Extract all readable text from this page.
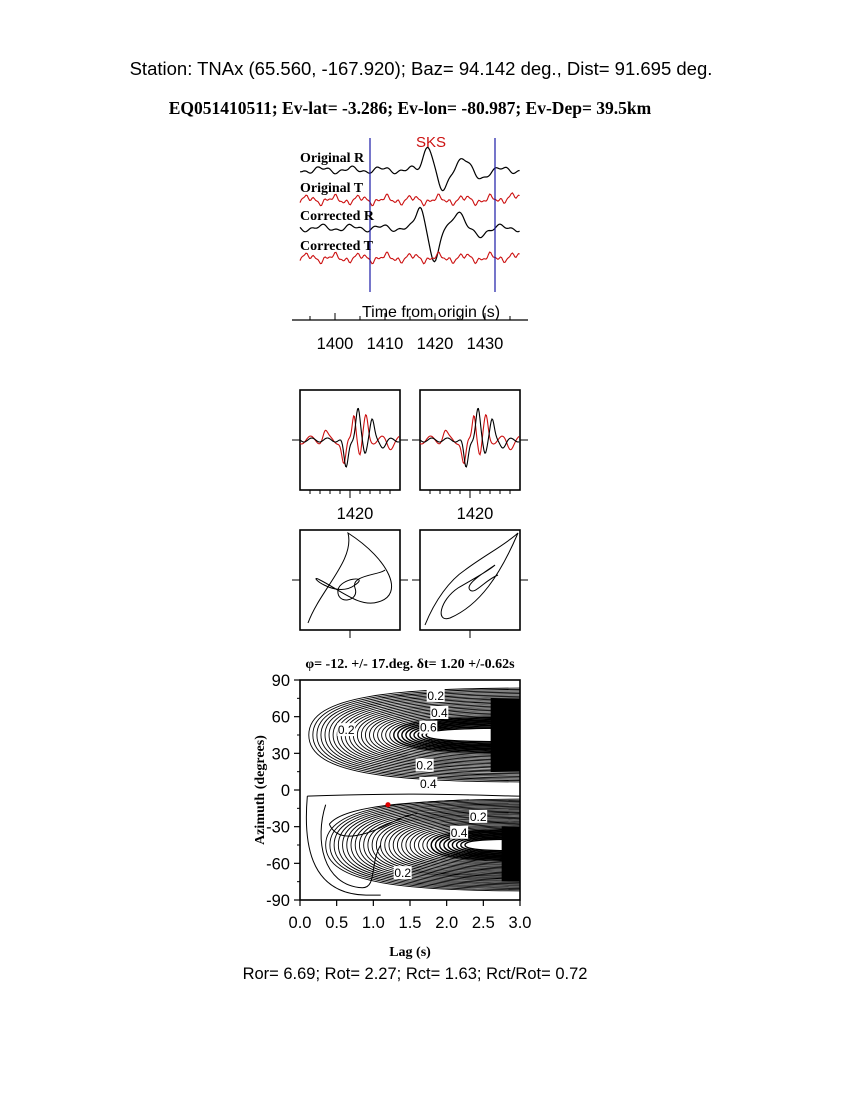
Station: TNAx (65.560, -167.920); Baz= 94.142 deg., Dist= 91.695 deg.
EQ051410511; Ev-lat= -3.286; Ev-lon= -80.987; Ev-Dep= 39.5km
Original R
Original T
Corrected R
Corrected T
SKS
Time from origin (s)
1400 1410 1420 1430
1420	1420
φ= -12. +/- 17.deg. δt= 1.20 +/-0.62s
0.2
0.4
0.6
0.2
0.4
0.2
0.2
0.4
0.2
0.0 0.5 1.0 1.5 2.0 2.5 3.0
90
60
30
0
-30
-60
-90
Lag (s)
Azimuth (degrees)
Ror= 6.69; Rot= 2.27; Rct= 1.63; Rct/Rot= 0.72
